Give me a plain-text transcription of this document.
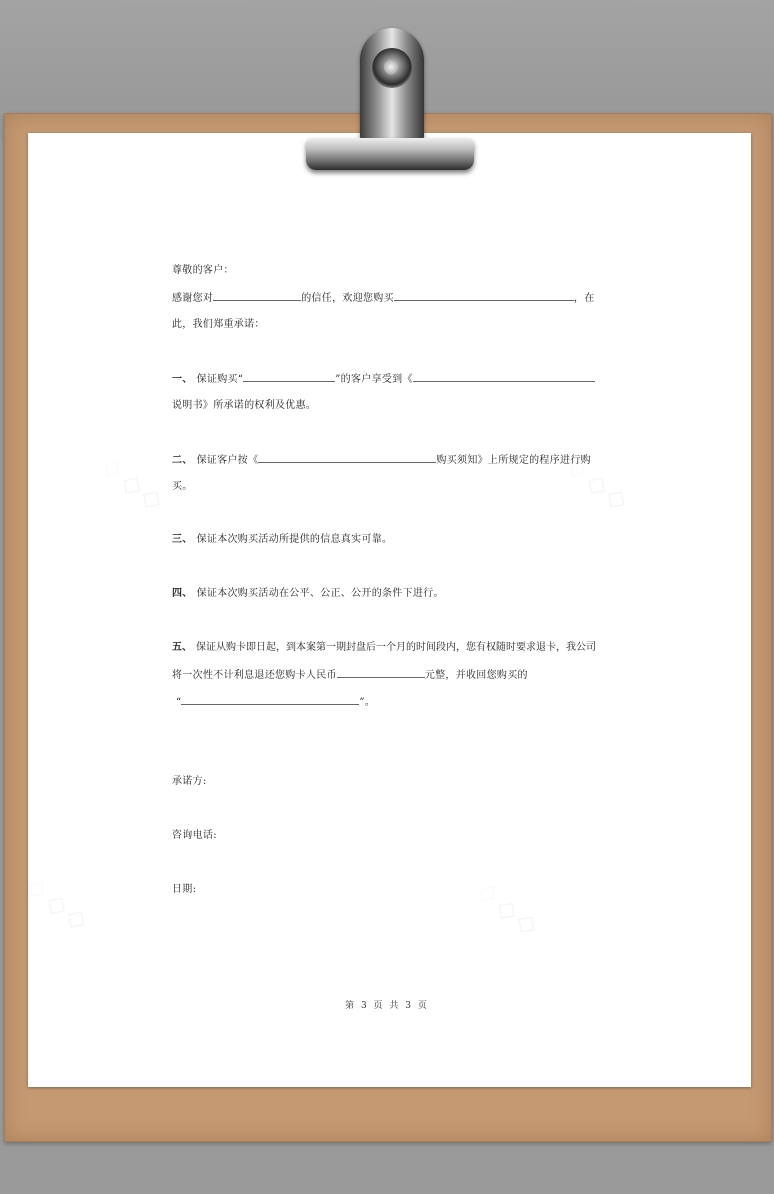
♢◇◇	♢◇◇
♢◇◇	♢◇◇
尊敬的客户：
感谢您对	的信任，欢迎您购买	，在
此，我们郑重承诺：
一、 保证购买“	”的客户享受到《
说明书》所承诺的权利及优惠。
二、 保证客户按《	购买须知》上所规定的程序进行购
买。
三、 保证本次购买活动所提供的信息真实可靠。
四、 保证本次购买活动在公平、公正、公开的条件下进行。
五、 保证从购卡即日起，到本案第一期封盘后一个月的时间段内，您有权随时要求退卡，我公司
将一次性不计利息退还您购卡人民币	元整，并收回您购买的
“	”。
承诺方:
咨询电话:
日期:
第 3 页 共 3 页
